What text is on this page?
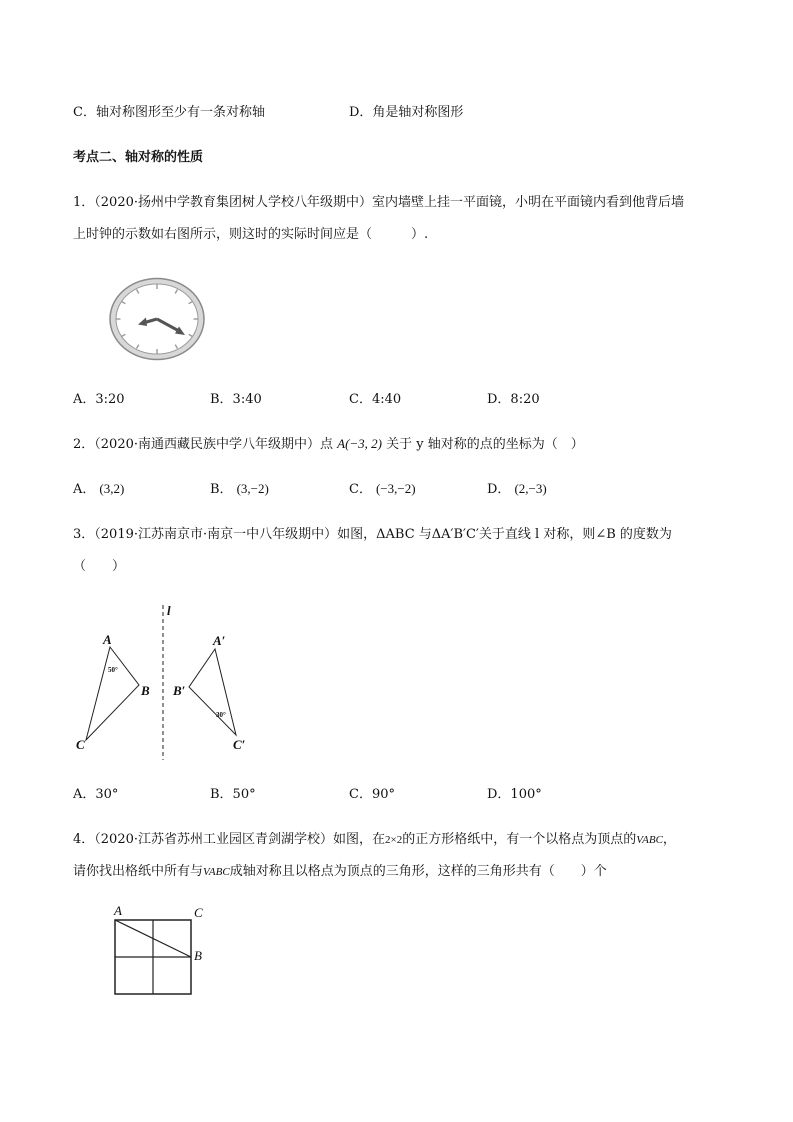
C．轴对称图形至少有一条对称轴	D．角是轴对称图形
考点二、轴对称的性质
1．（2020·扬州中学教育集团树人学校八年级期中）室内墙壁上挂一平面镜，小明在平面镜内看到他背后墙
上时钟的示数如右图所示，则这时的实际时间应是（　　　）.
A．3:20	B．3:40	C．4:40	D．8:20
2．（2020·南通西藏民族中学八年级期中）点 A(−3, 2) 关于 y 轴对称的点的坐标为（　）
A． (3,2)	B． (3,−2)	C． (−3,−2)	D． (2,−3)
3．（2019·江苏南京市·南京一中八年级期中）如图，ΔABC 与ΔA′B′C′关于直线 l 对称，则∠B 的度数为
（　　）
l
A
B
C
50°
A′
B′
C′
30°
A．30°	B．50°	C．90°	D．100°
4．（2020·江苏省苏州工业园区青剑湖学校）如图，在2×2的正方形格纸中，有一个以格点为顶点的VABC，
请你找出格纸中所有与VABC成轴对称且以格点为顶点的三角形，这样的三角形共有（　　）个
A	C
B
